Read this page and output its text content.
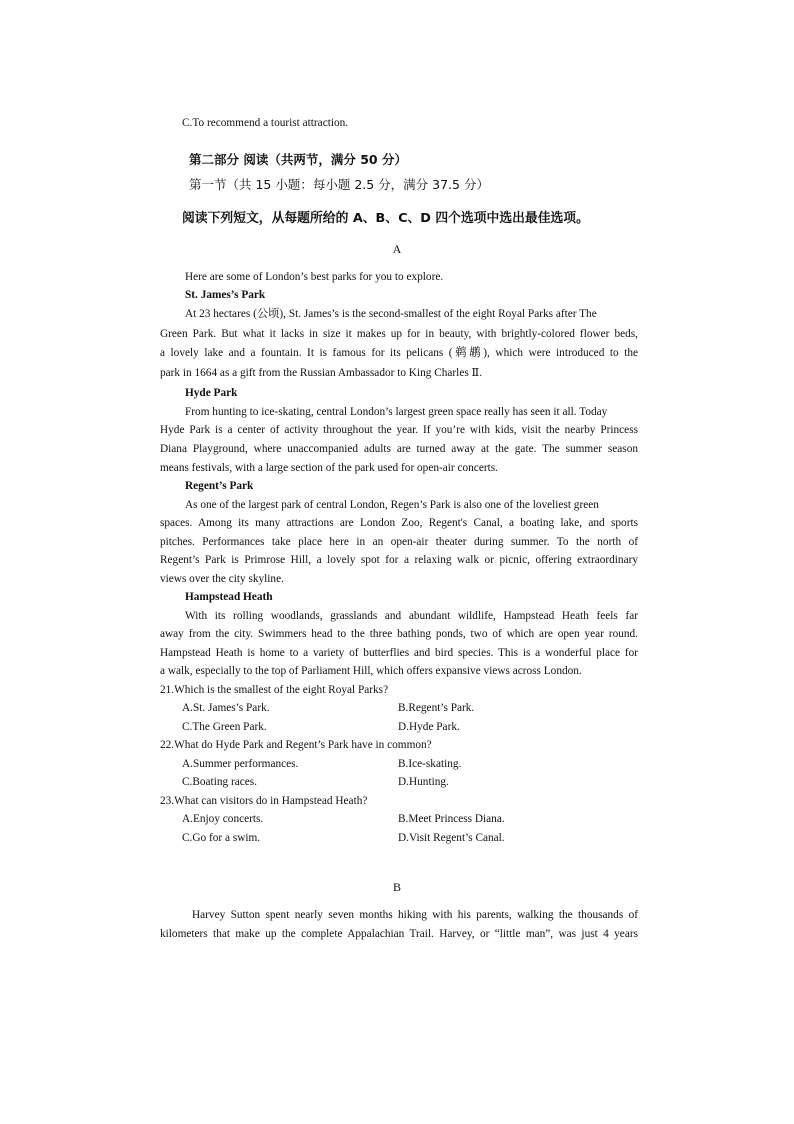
C.To recommend a tourist attraction.
第二部分 阅读（共两节，满分 50 分）
第一节（共 15 小题：每小题 2.5 分，满分 37.5 分）
阅读下列短文，从每题所给的 A、B、C、D 四个选项中选出最佳选项。
A
Here are some of London’s best parks for you to explore.
St. James’s Park
At 23 hectares (公顷), St. James’s is the second-smallest of the eight Royal Parks after The
Green Park. But what it lacks in size it makes up for in beauty, with brightly-colored flower beds,
a lovely lake and a fountain. It is famous for its pelicans (鹈鹕), which were introduced to the
park in 1664 as a gift from the Russian Ambassador to King Charles Ⅱ.
Hyde Park
From hunting to ice-skating, central London’s largest green space really has seen it all. Today
Hyde Park is a center of activity throughout the year. If you’re with kids, visit the nearby Princess
Diana Playground, where unaccompanied adults are turned away at the gate. The summer season
means festivals, with a large section of the park used for open-air concerts.
Regent’s Park
As one of the largest park of central London, Regen’s Park is also one of the loveliest green
spaces. Among its many attractions are London Zoo, Regent's Canal, a boating lake, and sports
pitches. Performances take place here in an open-air theater during summer. To the north of
Regent’s Park is Primrose Hill, a lovely spot for a relaxing walk or picnic, offering extraordinary
views over the city skyline.
Hampstead Heath
With its rolling woodlands, grasslands and abundant wildlife, Hampstead Heath feels far
away from the city. Swimmers head to the three bathing ponds, two of which are open year round.
Hampstead Heath is home to a variety of butterflies and bird species. This is a wonderful place for
a walk, especially to the top of Parliament Hill, which offers expansive views across London.
21.Which is the smallest of the eight Royal Parks?
A.St. James’s Park.	B.Regent’s Park.
C.The Green Park.	D.Hyde Park.
22.What do Hyde Park and Regent’s Park have in common?
A.Summer performances.	B.Ice-skating.
C.Boating races.	D.Hunting.
23.What can visitors do in Hampstead Heath?
A.Enjoy concerts.	B.Meet Princess Diana.
C.Go for a swim.	D.Visit Regent’s Canal.
B
Harvey Sutton spent nearly seven months hiking with his parents, walking the thousands of
kilometers that make up the complete Appalachian Trail. Harvey, or “little man”, was just 4 years
